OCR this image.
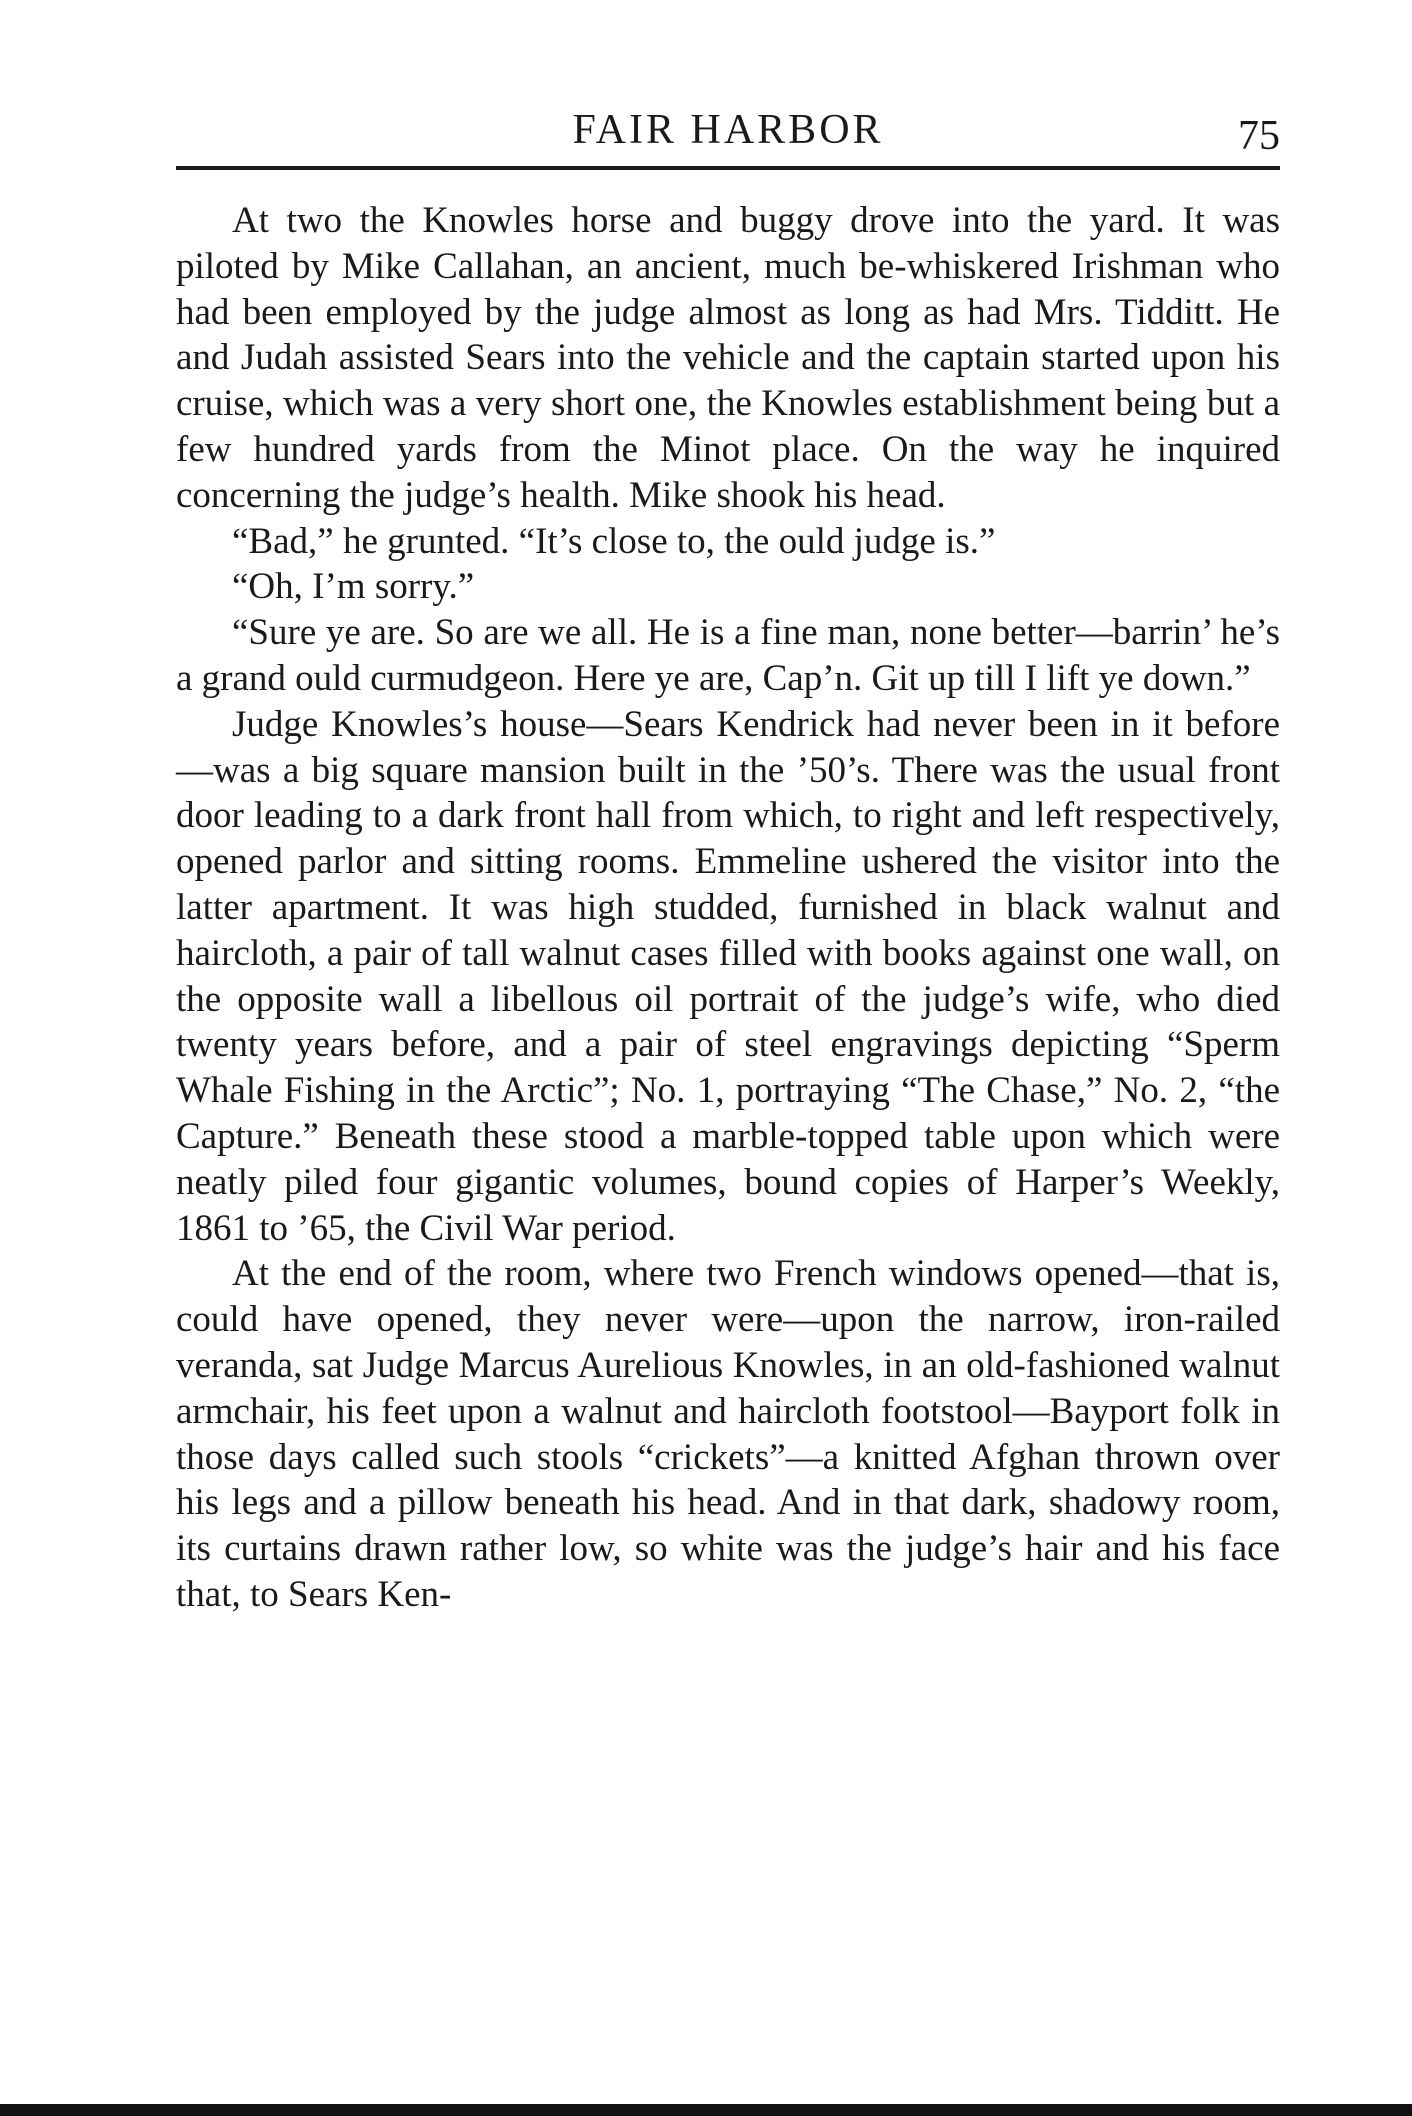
FAIR HARBOR	75

At two the Knowles horse and buggy drove into the yard. It was piloted by Mike Callahan, an ancient, much be-whiskered Irishman who had been employed by the judge almost as long as had Mrs. Tidditt. He and Judah assisted Sears into the vehicle and the captain started upon his cruise, which was a very short one, the Knowles establishment being but a few hundred yards from the Minot place. On the way he inquired concerning the judge’s health. Mike shook his head.

“Bad,” he grunted. “It’s close to, the ould judge is.”

“Oh, I’m sorry.”

“Sure ye are. So are we all. He is a fine man, none better—barrin’ he’s a grand ould curmudgeon. Here ye are, Cap’n. Git up till I lift ye down.”

Judge Knowles’s house—Sears Kendrick had never been in it before—was a big square mansion built in the ’50’s. There was the usual front door leading to a dark front hall from which, to right and left respectively, opened parlor and sitting rooms. Emmeline ushered the visitor into the latter apartment. It was high studded, furnished in black walnut and haircloth, a pair of tall walnut cases filled with books against one wall, on the opposite wall a libellous oil portrait of the judge’s wife, who died twenty years before, and a pair of steel engravings depicting “Sperm Whale Fishing in the Arctic”; No. 1, portraying “The Chase,” No. 2, “the Capture.” Beneath these stood a marble-topped table upon which were neatly piled four gigantic volumes, bound copies of Harper’s Weekly, 1861 to ’65, the Civil War period.

At the end of the room, where two French windows opened—that is, could have opened, they never were—upon the narrow, iron-railed veranda, sat Judge Marcus Aurelious Knowles, in an old-fashioned walnut armchair, his feet upon a walnut and haircloth footstool—Bayport folk in those days called such stools “crickets”—a knitted Afghan thrown over his legs and a pillow beneath his head. And in that dark, shadowy room, its curtains drawn rather low, so white was the judge’s hair and his face that, to Sears Ken-
